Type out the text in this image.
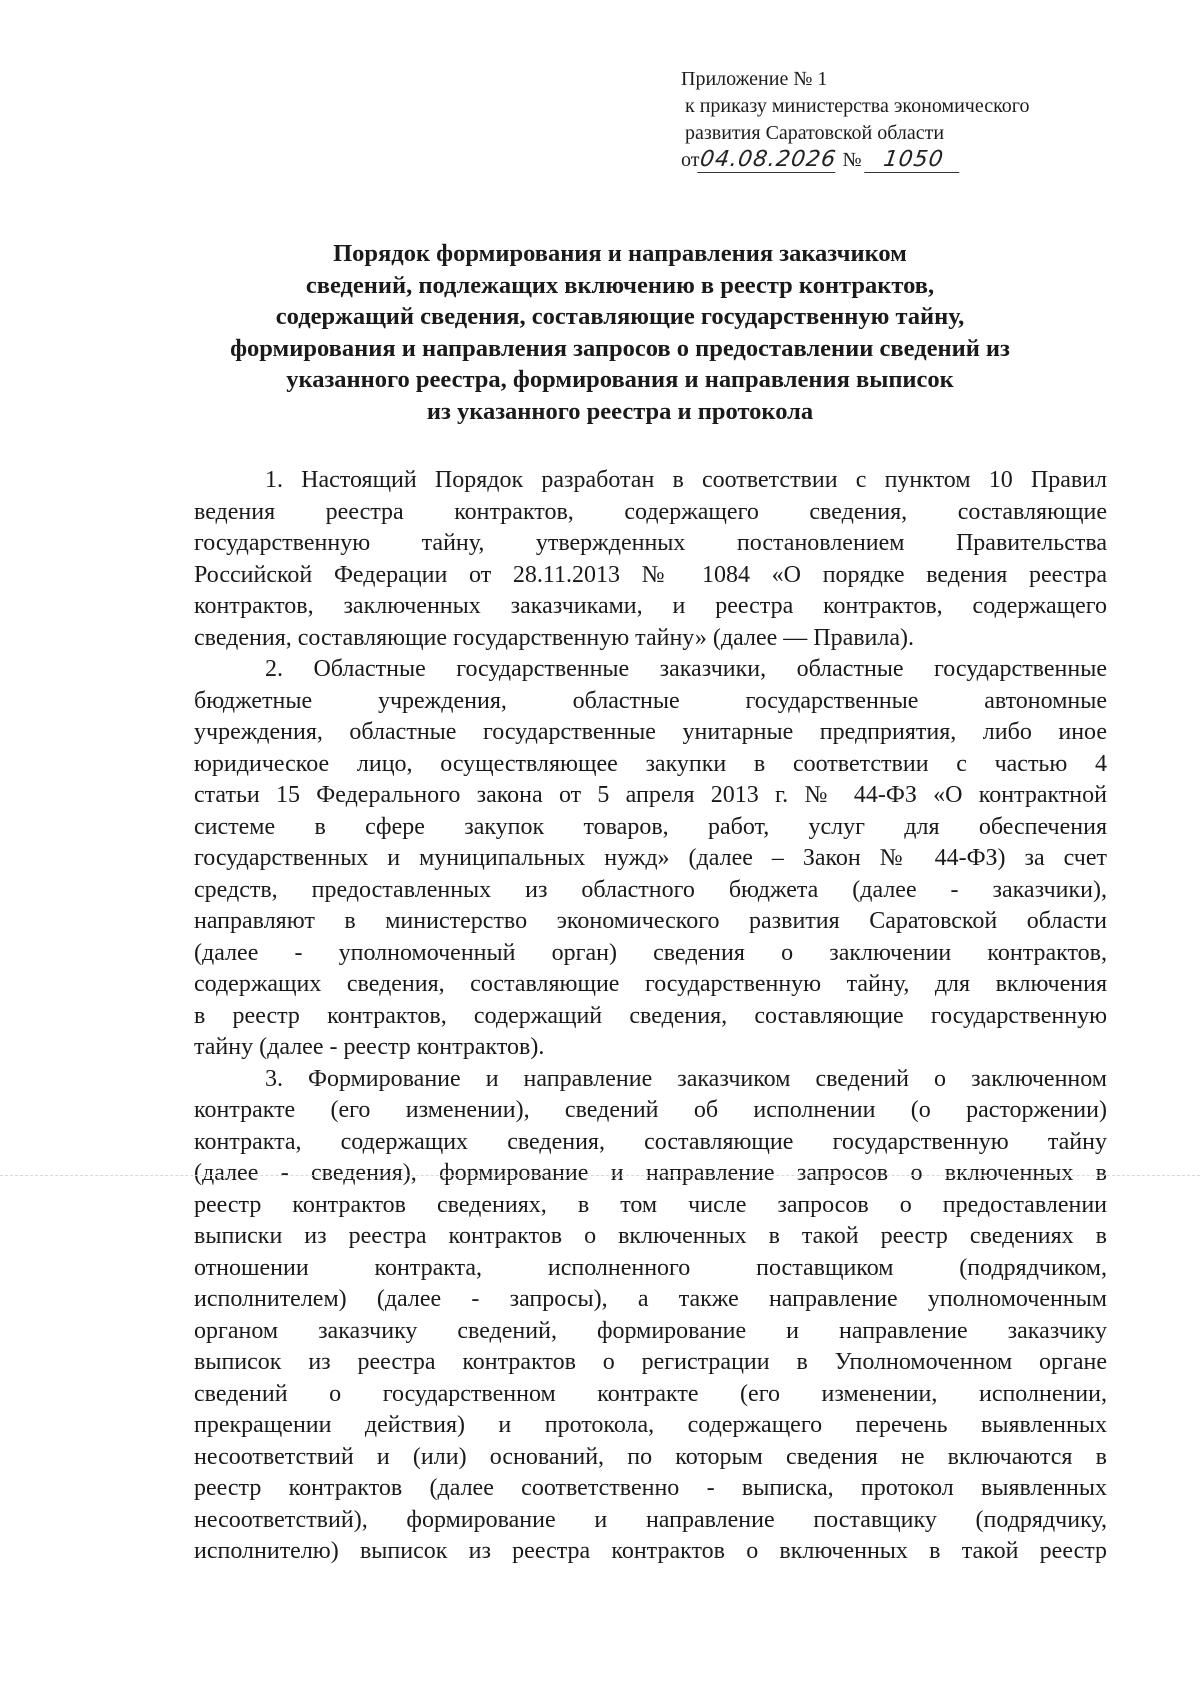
Приложение № 1
к приказу министерства экономического
развития Саратовской области
от04.08.2026 № 1050
Порядок формирования и направления заказчиком
сведений, подлежащих включению в реестр контрактов,
содержащий сведения, составляющие государственную тайну,
формирования и направления запросов о предоставлении сведений из
указанного реестра, формирования и направления выписок
из указанного реестра и протокола
1. Настоящий Порядок разработан в соответствии с пунктом 10 Правил
ведения реестра контрактов, содержащего сведения, составляющие
государственную тайну, утвержденных постановлением Правительства
Российской Федерации от 28.11.2013 № 1084 «О порядке ведения реестра
контрактов, заключенных заказчиками, и реестра контрактов, содержащего
сведения, составляющие государственную тайну» (далее — Правила).
2. Областные государственные заказчики, областные государственные
бюджетные учреждения, областные государственные автономные
учреждения, областные государственные унитарные предприятия, либо иное
юридическое лицо, осуществляющее закупки в соответствии с частью 4
статьи 15 Федерального закона от 5 апреля 2013 г. № 44-ФЗ «О контрактной
системе в сфере закупок товаров, работ, услуг для обеспечения
государственных и муниципальных нужд» (далее – Закон № 44-ФЗ) за счет
средств, предоставленных из областного бюджета (далее - заказчики),
направляют в министерство экономического развития Саратовской области
(далее - уполномоченный орган) сведения о заключении контрактов,
содержащих сведения, составляющие государственную тайну, для включения
в реестр контрактов, содержащий сведения, составляющие государственную
тайну (далее - реестр контрактов).
3. Формирование и направление заказчиком сведений о заключенном
контракте (его изменении), сведений об исполнении (о расторжении)
контракта, содержащих сведения, составляющие государственную тайну
(далее - сведения), формирование и направление запросов о включенных в
реестр контрактов сведениях, в том числе запросов о предоставлении
выписки из реестра контрактов о включенных в такой реестр сведениях в
отношении контракта, исполненного поставщиком (подрядчиком,
исполнителем) (далее - запросы), а также направление уполномоченным
органом заказчику сведений, формирование и направление заказчику
выписок из реестра контрактов о регистрации в Уполномоченном органе
сведений о государственном контракте (его изменении, исполнении,
прекращении действия) и протокола, содержащего перечень выявленных
несоответствий и (или) оснований, по которым сведения не включаются в
реестр контрактов (далее соответственно - выписка, протокол выявленных
несоответствий), формирование и направление поставщику (подрядчику,
исполнителю) выписок из реестра контрактов о включенных в такой реестр
